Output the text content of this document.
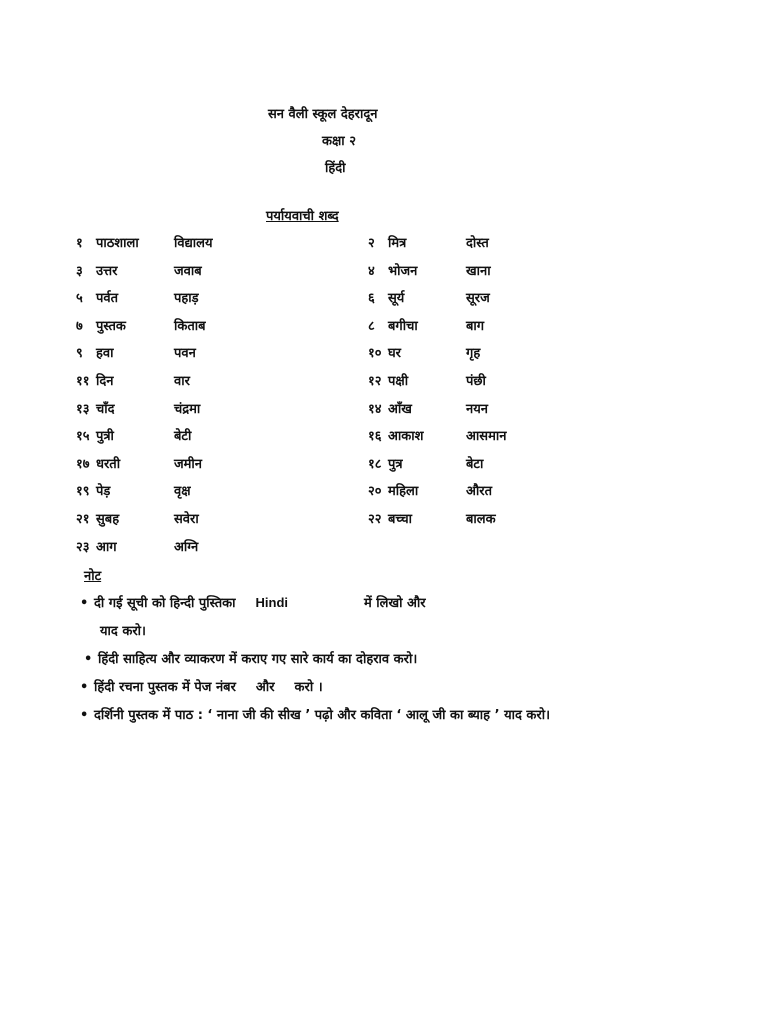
सन वैली स्कूल देहरादून
कक्षा २
हिंदी
पर्यायवाची शब्द
१ पाठशाला	विद्यालय	२ मित्र	दोस्त
३ उत्तर	जवाब	४ भोजन	खाना
५ पर्वत	पहाड़	६ सूर्य	सूरज
७ पुस्तक	किताब	८ बगीचा	बाग
९ हवा	पवन	१० घर	गृह
११ दिन	वार	१२ पक्षी	पंछी
१३ चाँद	चंद्रमा	१४ आँख	नयन
१५ पुत्री	बेटी	१६ आकाश	आसमान
१७ धरती	जमीन	१८ पुत्र	बेटा
१९ पेड़	वृक्ष	२० महिला	औरत
२१ सुबह	सवेरा	२२ बच्चा	बालक
२३ आग	अग्नि
नोट
• दी गई सूची को हिन्दी पुस्तिका Hindi	में लिखो और
याद करो।
• हिंदी साहित्य और व्याकरण में कराए गए सारे कार्य का दोहराव करो।
• हिंदी रचना पुस्तक में पेज नंबर और करो ।
• दर्शिनी पुस्तक में पाठ : ‘ नाना जी की सीख ’ पढ़ो और कविता ‘ आलू जी का ब्याह ’ याद करो।
